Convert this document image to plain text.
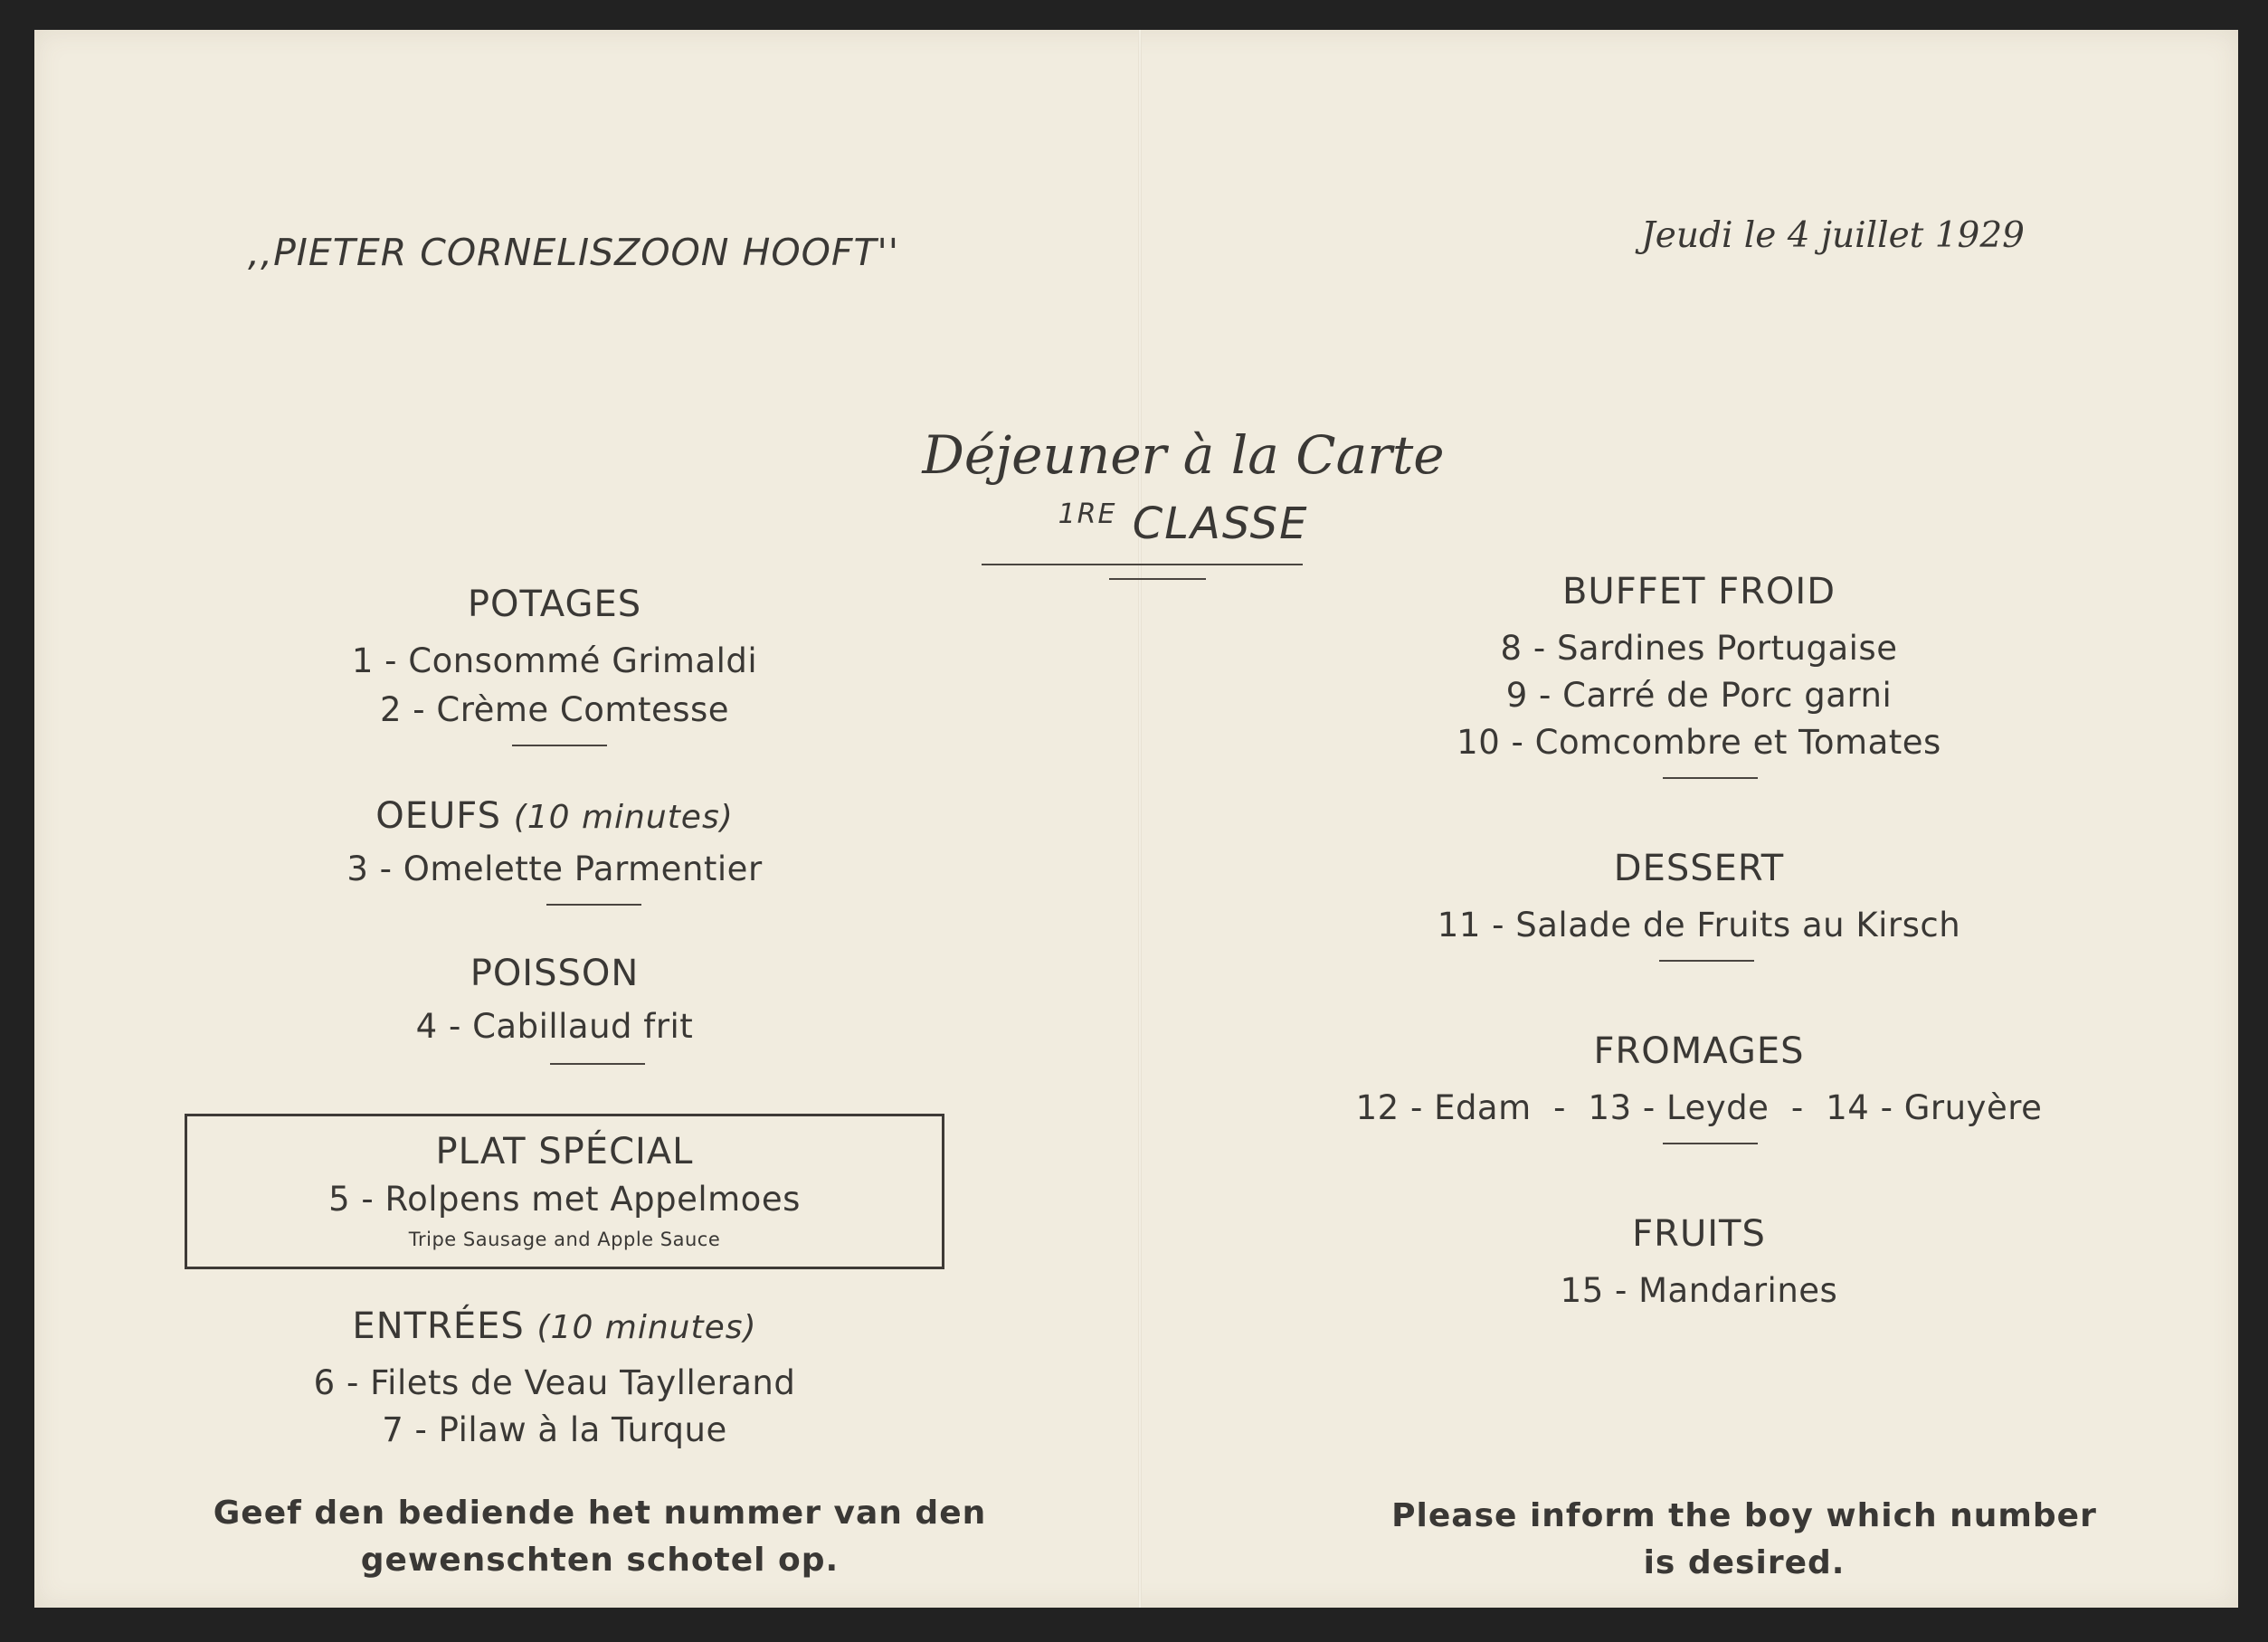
,,PIETER CORNELISZOON HOOFT''	Jeudi le 4 juillet 1929
Déjeuner à la Carte
$^{1RE}$ CLASSE
POTAGES
1 - Consommé Grimaldi
2 - Crème Comtesse
OEUFS (10 minutes)
3 - Omelette Parmentier
POISSON
4 - Cabillaud frit
PLAT SPÉCIAL
5 - Rolpens met Appelmoes
Tripe Sausage and Apple Sauce
ENTRÉES (10 minutes)
6 - Filets de Veau Tayllerand
7 - Pilaw à la Turque
Geef den bediende het nummer van den
gewenschten schotel op.
BUFFET FROID
8 - Sardines Portugaise
9 - Carré de Porc garni
10 - Comcombre et Tomates
DESSERT
11 - Salade de Fruits au Kirsch
FROMAGES
12 - Edam  -  13 - Leyde  -  14 - Gruyère
FRUITS
15 - Mandarines
Please inform the boy which number
is desired.
